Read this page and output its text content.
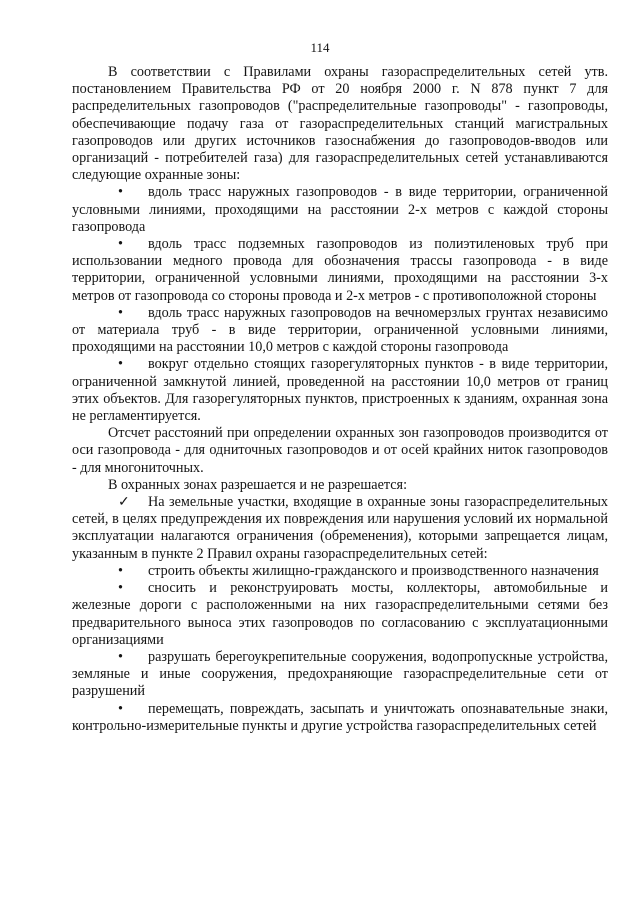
114

В соответствии с Правилами охраны газораспределительных сетей утв. постановлением Правительства РФ от 20 ноября 2000 г. N 878 пункт 7 для распределительных газопроводов ("распределительные газопроводы" - газопроводы, обеспечивающие подачу газа от газораспределительных станций магистральных газопроводов или других источников газоснабжения до газопроводов-вводов или организаций - потребителей газа) для газораспределительных сетей устанавливаются следующие охранные зоны:

• вдоль трасс наружных газопроводов - в виде территории, ограниченной условными линиями, проходящими на расстоянии 2-х метров с каждой стороны газопровода

• вдоль трасс подземных газопроводов из полиэтиленовых труб при использовании медного провода для обозначения трассы газопровода - в виде территории, ограниченной условными линиями, проходящими на расстоянии 3-х метров от газопровода со стороны провода и 2-х метров - с противоположной стороны

• вдоль трасс наружных газопроводов на вечномерзлых грунтах независимо от материала труб - в виде территории, ограниченной условными линиями, проходящими на расстоянии 10,0 метров с каждой стороны газопровода

• вокруг отдельно стоящих газорегуляторных пунктов - в виде территории, ограниченной замкнутой линией, проведенной на расстоянии 10,0 метров от границ этих объектов. Для газорегуляторных пунктов, пристроенных к зданиям, охранная зона не регламентируется.

Отсчет расстояний при определении охранных зон газопроводов производится от оси газопровода - для одниточных газопроводов и от осей крайних ниток газопроводов - для многониточных.

В охранных зонах разрешается и не разрешается:

✓ На земельные участки, входящие в охранные зоны газораспределительных сетей, в целях предупреждения их повреждения или нарушения условий их нормальной эксплуатации налагаются ограничения (обременения), которыми запрещается лицам, указанным в пункте 2 Правил охраны газораспределительных сетей:

• строить объекты жилищно-гражданского и производственного назначения

• сносить и реконструировать мосты, коллекторы, автомобильные и железные дороги с расположенными на них газораспределительными сетями без предварительного выноса этих газопроводов по согласованию с эксплуатационными организациями

• разрушать берегоукрепительные сооружения, водопропускные устройства, земляные и иные сооружения, предохраняющие газораспределительные сети от разрушений

• перемещать, повреждать, засыпать и уничтожать опознавательные знаки, контрольно-измерительные пункты и другие устройства газораспределительных сетей
